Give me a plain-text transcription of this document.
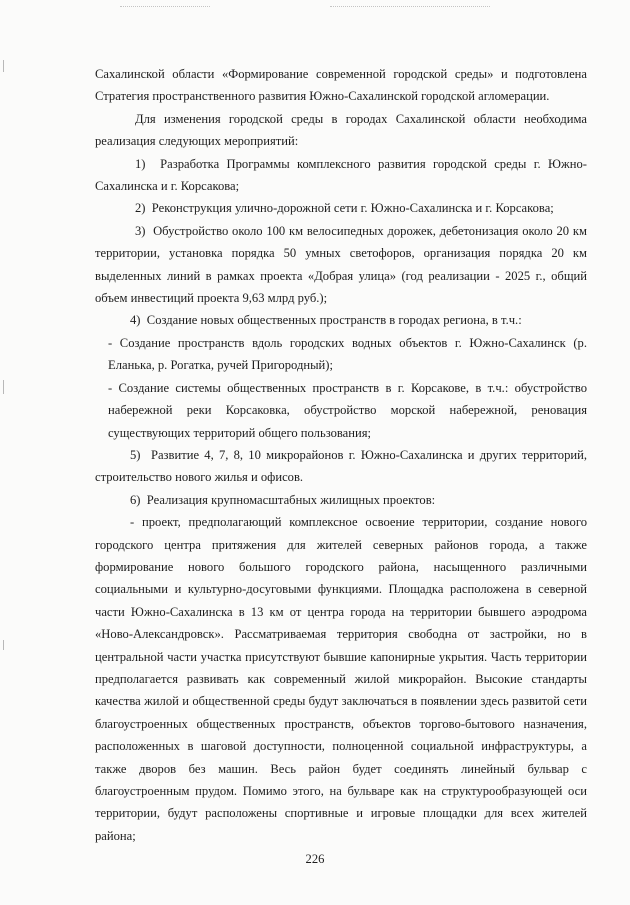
Сахалинской области «Формирование современной городской среды» и подготовлена Стратегия пространственного развития Южно-Сахалинской городской агломерации.

Для изменения городской среды в городах Сахалинской области необходима реализация следующих мероприятий:

1)  Разработка Программы комплексного развития городской среды г. Южно-Сахалинска и г. Корсакова;

2)  Реконструкция улично-дорожной сети г. Южно-Сахалинска и г. Корсакова;

3)  Обустройство около 100 км велосипедных дорожек, дебетонизация около 20 км территории, установка порядка 50 умных светофоров, организация порядка 20 км выделенных линий в рамках проекта «Добрая улица» (год реализации - 2025 г., общий объем инвестиций проекта 9,63 млрд руб.);

4)  Создание новых общественных пространств в городах региона, в т.ч.:

- Создание пространств вдоль городских водных объектов г. Южно-Сахалинск (р. Еланька, р. Рогатка, ручей Пригородный);

- Создание системы общественных пространств в г. Корсакове, в т.ч.: обустройство набережной реки Корсаковка, обустройство морской набережной, реновация существующих территорий общего пользования;

5)  Развитие 4, 7, 8, 10 микрорайонов г. Южно-Сахалинска и других территорий, строительство нового жилья и офисов.

6)  Реализация крупномасштабных жилищных проектов:

- проект, предполагающий комплексное освоение территории, создание нового городского центра притяжения для жителей северных районов города, а также формирование нового большого городского района, насыщенного различными социальными и культурно-досуговыми функциями. Площадка расположена в северной части Южно-Сахалинска в 13 км от центра города на территории бывшего аэродрома «Ново-Александровск». Рассматриваемая территория свободна от застройки, но в центральной части участка присутствуют бывшие капонирные укрытия. Часть территории предполагается развивать как современный жилой микрорайон. Высокие стандарты качества жилой и общественной среды будут заключаться в появлении здесь развитой сети благоустроенных общественных пространств, объектов торгово-бытового назначения, расположенных в шаговой доступности, полноценной социальной инфраструктуры, а также дворов без машин. Весь район будет соединять линейный бульвар с благоустроенным прудом. Помимо этого, на бульваре как на структурообразующей оси территории, будут расположены спортивные и игровые площадки для всех жителей района;

226
